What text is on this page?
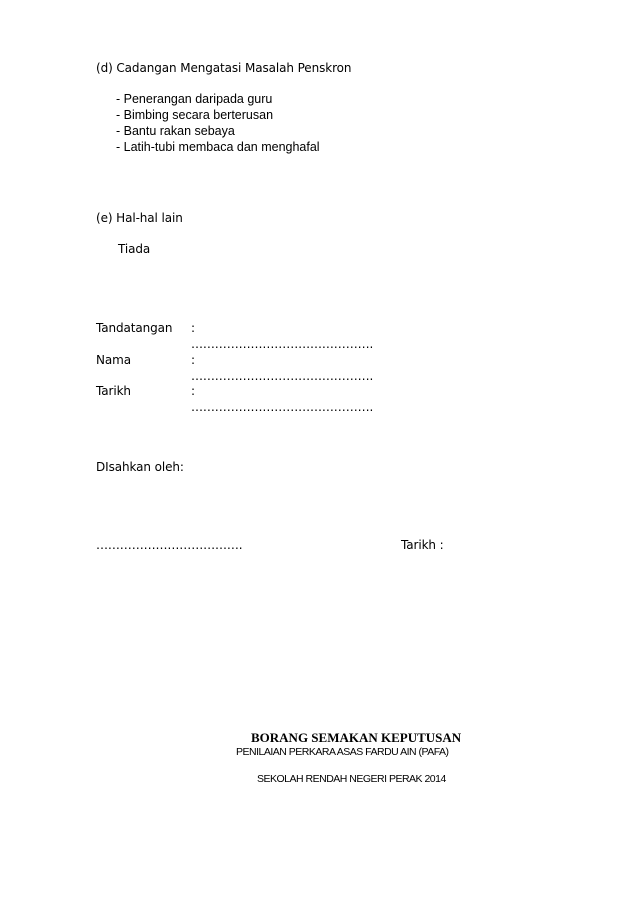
(d) Cadangan Mengatasi Masalah Penskron
- Penerangan daripada guru
- Bimbing secara berterusan
- Bantu rakan sebaya
- Latih-tubi membaca dan menghafal
(e) Hal-hal lain
Tiada
Tandatangan : ……………………………………….
Nama	: ……………………………………….
Tarikh	: ……………………………………….
DIsahkan oleh:
……………………………….	Tarikh :
BORANG SEMAKAN KEPUTUSAN
PENILAIAN PERKARA ASAS FARDU AIN (PAFA)
SEKOLAH RENDAH NEGERI PERAK 2014
